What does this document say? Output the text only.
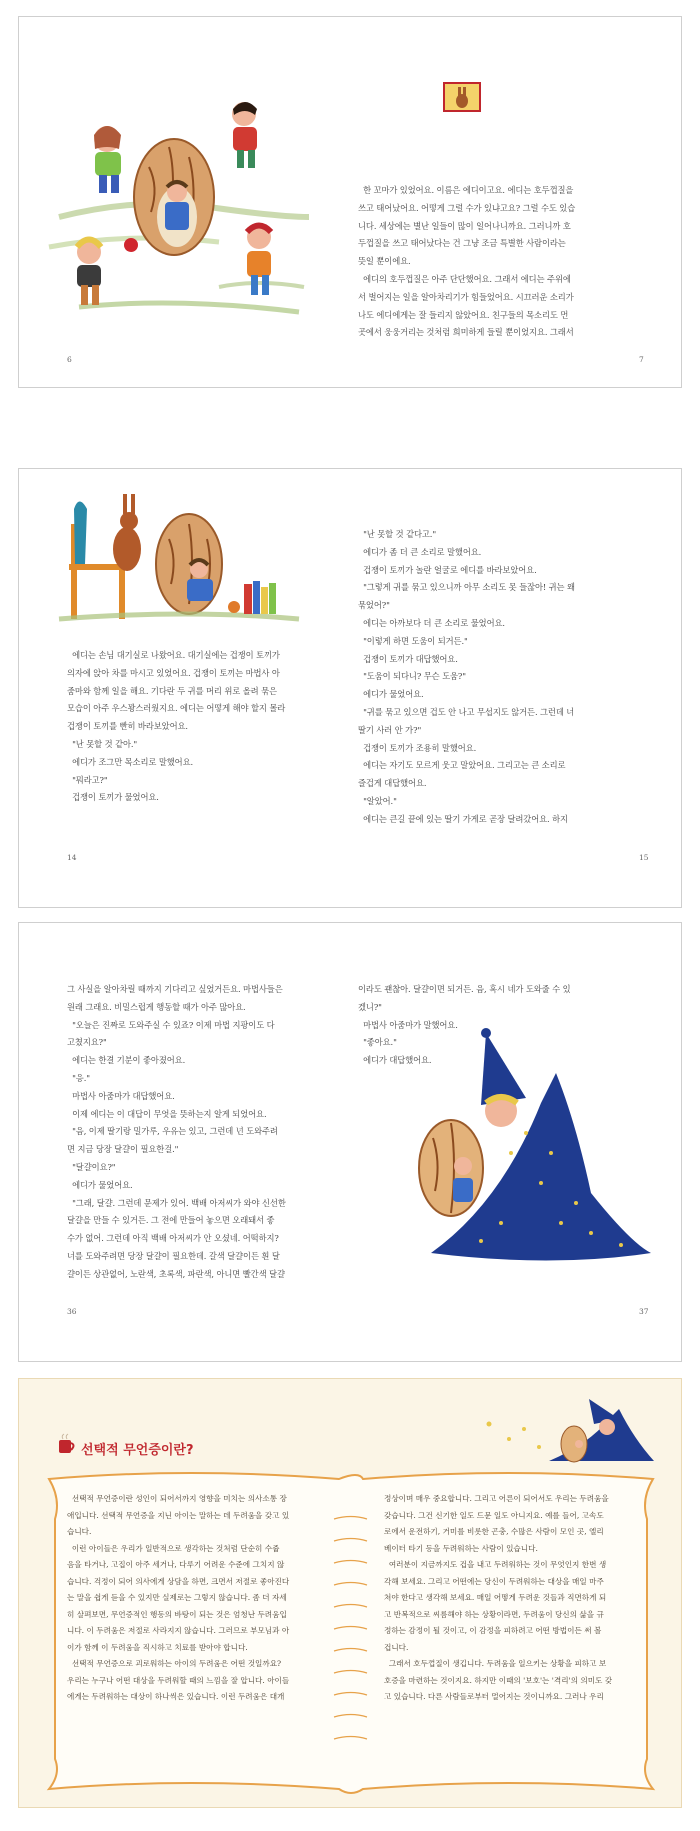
6

한 꼬마가 있었어요. 이름은 에디이고요. 에디는 호두껍질을

쓰고 태어났어요. 어떻게 그럴 수가 있냐고요? 그럴 수도 있습

니다. 세상에는 별난 일들이 많이 일어나니까요. 그러니까 호

두껍질을 쓰고 태어났다는 건 그냥 조금 특별한 사람이라는

뜻일 뿐이에요.

에디의 호두껍질은 아주 단단했어요. 그래서 에디는 주위에

서 벌어지는 일을 알아차리기가 힘들었어요. 시끄러운 소리가

나도 에디에게는 잘 들리지 않았어요. 친구들의 목소리도 먼

곳에서 웅웅거리는 것처럼 희미하게 들릴 뿐이었지요. 그래서

7

에디는 손님 대기실로 나왔어요. 대기실에는 겁쟁이 토끼가

의자에 앉아 차를 마시고 있었어요. 겁쟁이 토끼는 마법사 아

줌마와 함께 일을 해요. 기다란 두 귀를 머리 위로 올려 묶은

모습이 아주 우스꽝스러웠지요. 에디는 어떻게 해야 할지 몰라

겁쟁이 토끼를 빤히 바라보았어요.

"난 못할 것 같아."

에디가 조그만 목소리로 말했어요.

"뭐라고?"

겁쟁이 토끼가 물었어요.

14

"난 못할 것 같다고."

에디가 좀 더 큰 소리로 말했어요.

겁쟁이 토끼가 놀란 얼굴로 에디를 바라보았어요.

"그렇게 귀를 묶고 있으니까 아무 소리도 못 들잖아! 귀는 왜

묶었어?"

에디는 아까보다 더 큰 소리로 물었어요.

"이렇게 하면 도움이 되거든."

겁쟁이 토끼가 대답했어요.

"도움이 되다니? 무슨 도움?"

에디가 물었어요.

"귀를 묶고 있으면 겁도 안 나고 무섭지도 않거든. 그런데 너

딸기 사러 안 가?"

겁쟁이 토끼가 조용히 말했어요.

에디는 자기도 모르게 웃고 말았어요. 그리고는 큰 소리로

즐겁게 대답했어요.

"알았어."

에디는 큰길 끝에 있는 딸기 가게로 곧장 달려갔어요. 하지

15

그 사실을 알아차릴 때까지 기다리고 싶었거든요. 마법사들은

원래 그래요. 비밀스럽게 행동할 때가 아주 많아요.

"오늘은 진짜로 도와주실 수 있죠? 이제 마법 지팡이도 다

고쳤지요?"

에디는 한결 기분이 좋아졌어요.

"응."

마법사 아줌마가 대답했어요.

이제 에디는 이 대답이 무엇을 뜻하는지 알게 되었어요.

"음, 이제 딸기랑 밀가루, 우유는 있고, 그런데 넌 도와주려

면 지금 당장 달걀이 필요한걸."

"달걀이요?"

에디가 물었어요.

"그래, 달걀. 그런데 문제가 있어. 백배 아저씨가 와야 신선한

달걀을 만들 수 있거든. 그 전에 만들어 놓으면 오래돼서 좋

수가 없어. 그런데 아직 백배 아저씨가 안 오셨네. 어떡하지?

너를 도와주려면 당장 달걀이 필요한데. 갈색 달걀이든 흰 달

걀이든 상관없어, 노란색, 초록색, 파란색, 아니면 빨간색 달걀

36

이라도 괜찮아. 달걀이면 되거든. 음, 혹시 네가 도와줄 수 있

겠니?"

마법사 아줌마가 말했어요.

"좋아요."

에디가 대답했어요.

37
선택적 무언증이란?

선택적 무언증이란 성인이 되어서까지 영향을 미치는 의사소통 장

애입니다. 선택적 무언증을 지닌 아이는 말하는 데 두려움을 갖고 있

습니다.

이런 아이들은 우리가 일반적으로 생각하는 것처럼 단순히 수줍

음을 타거나, 고집이 아주 세거나, 다루기 어려운 수준에 그치지 않

습니다. 걱정이 되어 의사에게 상담을 하면, 크면서 저절로 좋아진다

는 말을 쉽게 듣을 수 있지만 실제로는 그렇지 않습니다. 좀 더 자세

히 살펴보면, 무언증적인 행동의 바탕이 되는 것은 엄청난 두려움입

니다. 이 두려움은 저절로 사라지지 않습니다. 그러므로 부모님과 아

이가 함께 이 두려움을 직시하고 치료를 받아야 합니다.

선택적 무언증으로 괴로워하는 아이의 두려움은 어떤 것일까요?

우리는 누구나 어떤 대상을 두려워할 때의 느낌을 잘 압니다. 아이들

에게는 두려워하는 대상이 하나씩은 있습니다. 이런 두려움은 대개

정상이며 매우 중요합니다. 그리고 어른이 되어서도 우리는 두려움을

갖습니다. 그건 신기한 일도 드문 일도 아니지요. 예를 들어, 고속도

로에서 운전하기, 거미를 비롯한 곤충, 수많은 사람이 모인 곳, 엘리

베이터 타기 등을 두려워하는 사람이 있습니다.

여러분이 지금까지도 겁을 내고 두려워하는 것이 무엇인지 한번 생

각해 보세요. 그리고 어떤에는 당신이 두려워하는 대상을 매일 마주

쳐야 한다고 생각해 보세요. 매일 어떻게 두려운 것들과 직면하게 되

고 반복적으로 씨름해야 하는 상황이라면, 두려움이 당신의 삶을 규

정하는 감정이 될 것이고, 이 감정을 피하려고 어떤 방법이든 써 볼

겁니다.

그래서 호두껍질이 생깁니다. 두려움을 일으키는 상황을 피하고 보

호증을 마련하는 것이지요. 하지만 이때의 '보호'는 '격리'의 의미도 갖

고 있습니다. 다른 사람들로부터 멀어지는 것이니까요. 그러나 우리
